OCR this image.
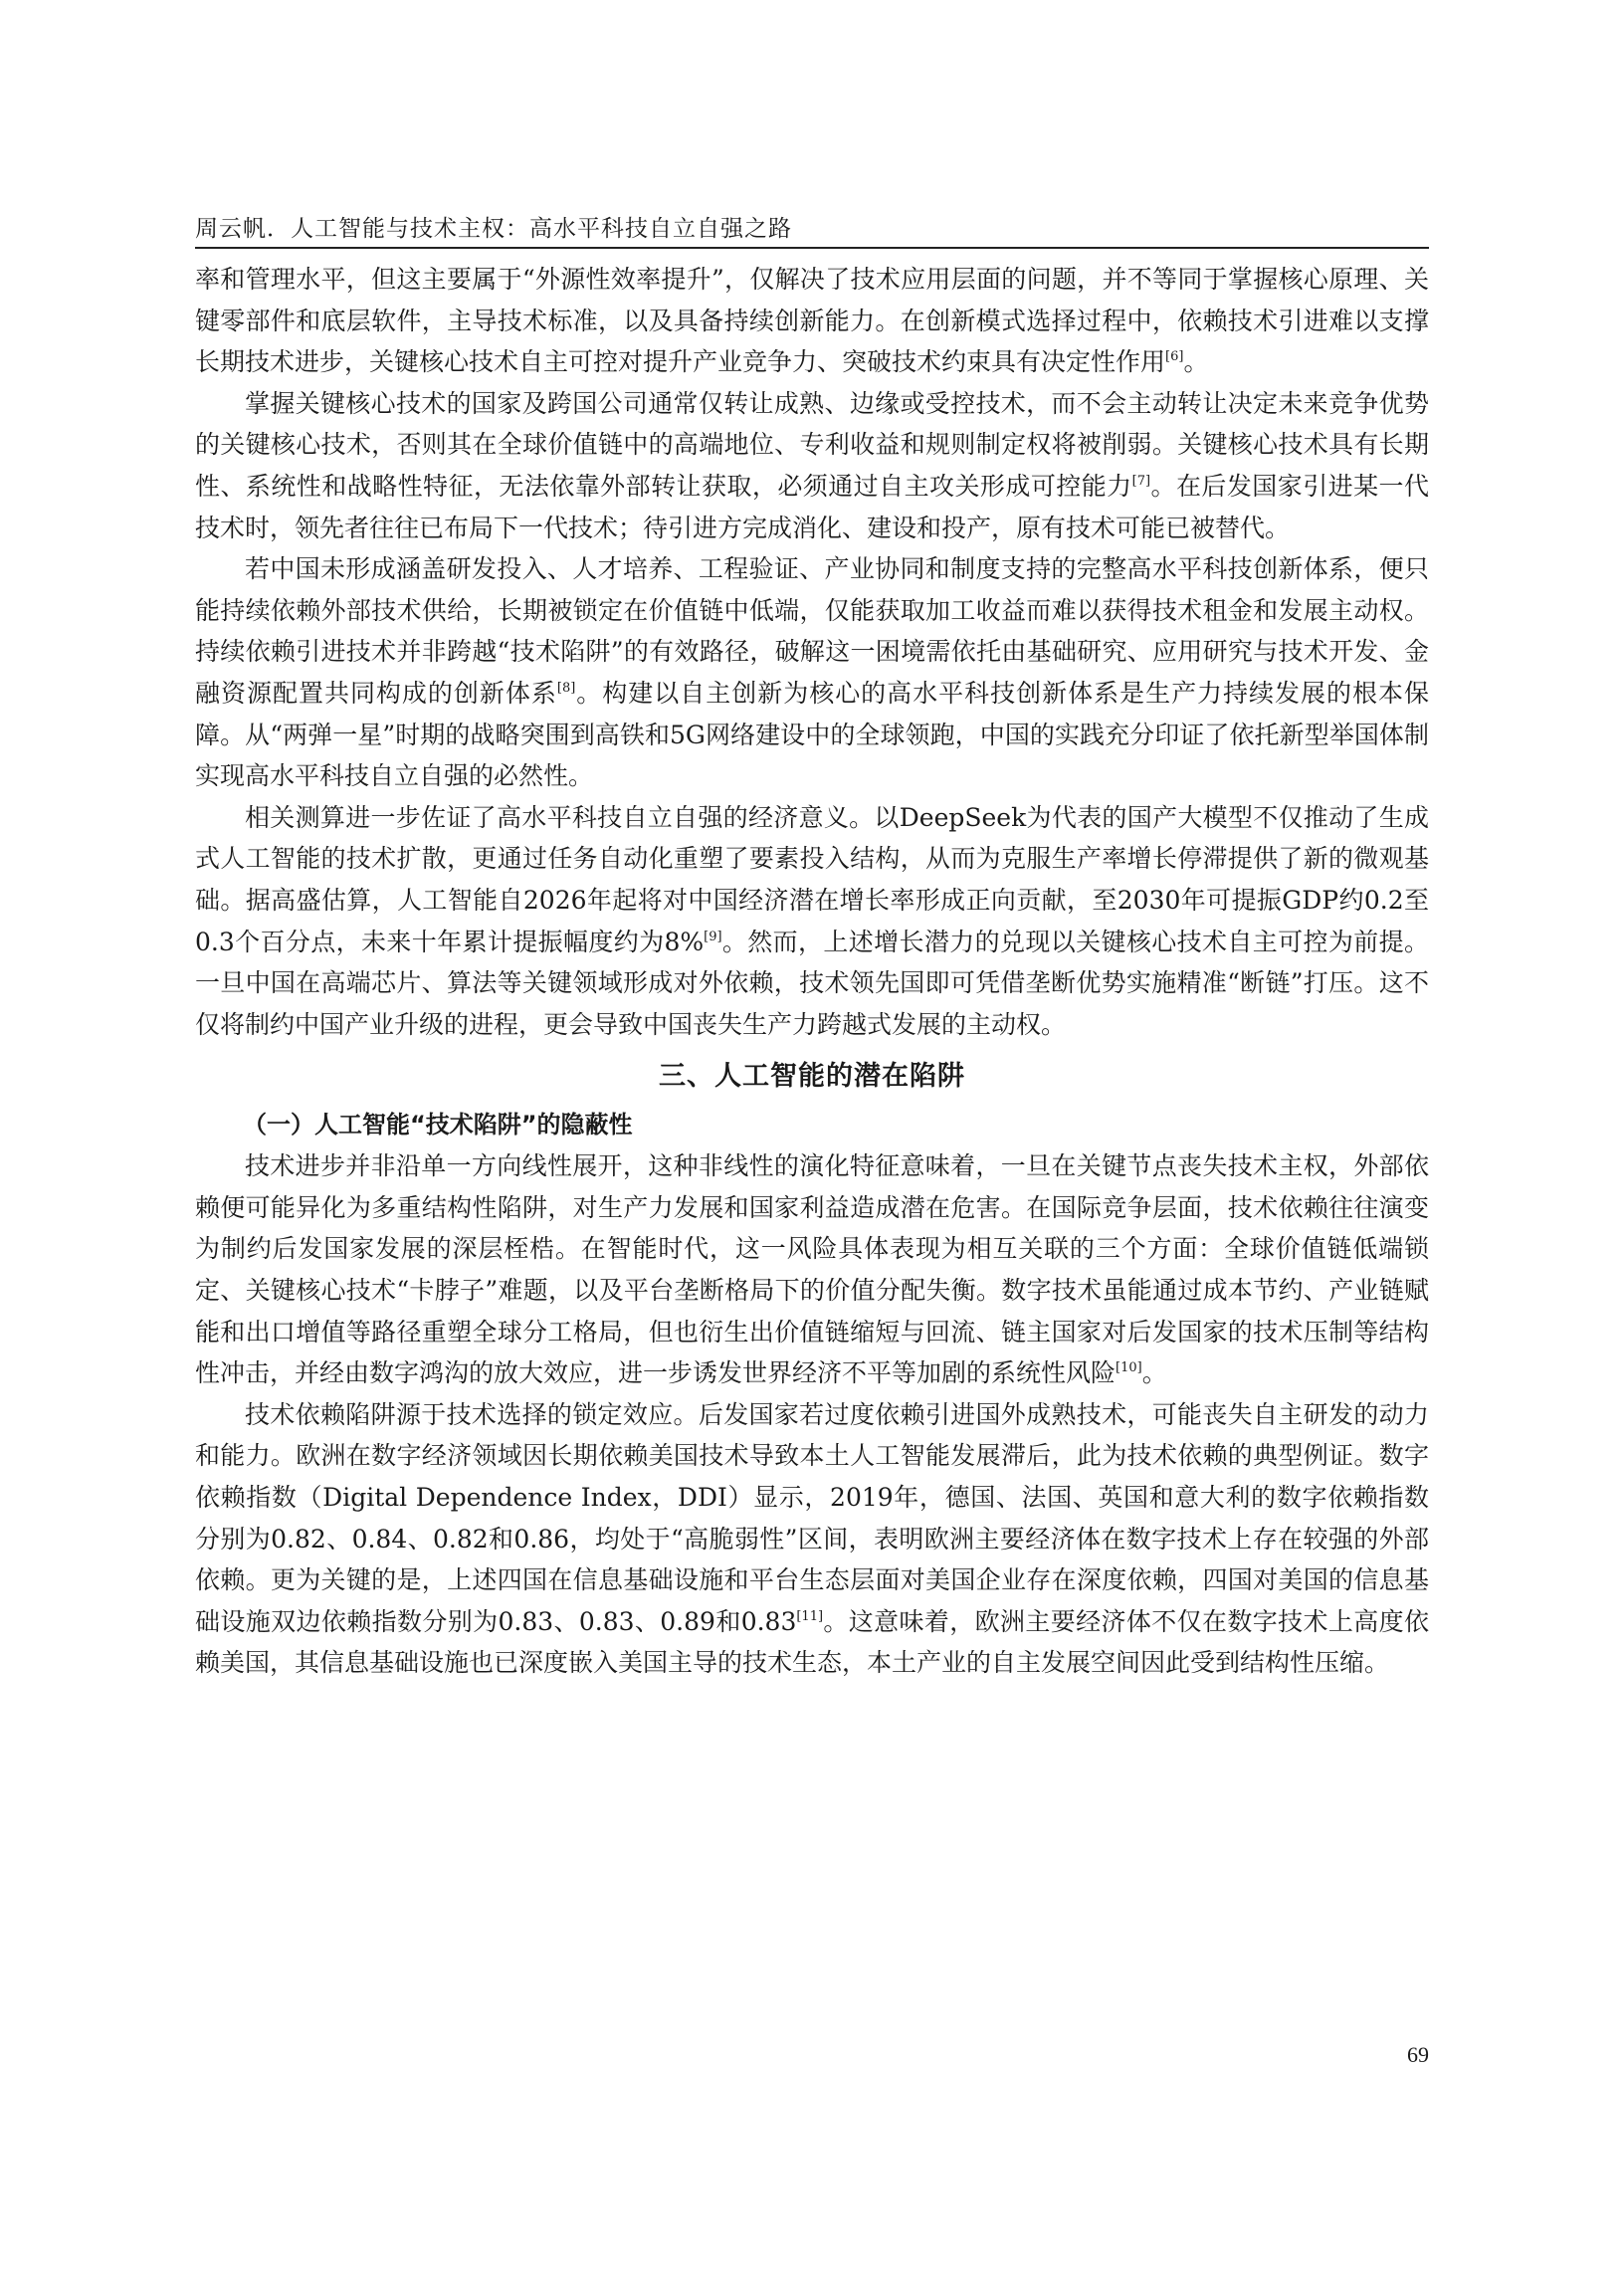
周云帆．人工智能与技术主权：高水平科技自立自强之路

率和管理水平，但这主要属于“外源性效率提升”，仅解决了技术应用层面的问题，并不等同于掌握核心原理、关键零部件和底层软件，主导技术标准，以及具备持续创新能力。在创新模式选择过程中，依赖技术引进难以支撑长期技术进步，关键核心技术自主可控对提升产业竞争力、突破技术约束具有决定性作用[6]。

掌握关键核心技术的国家及跨国公司通常仅转让成熟、边缘或受控技术，而不会主动转让决定未来竞争优势的关键核心技术，否则其在全球价值链中的高端地位、专利收益和规则制定权将被削弱。关键核心技术具有长期性、系统性和战略性特征，无法依靠外部转让获取，必须通过自主攻关形成可控能力[7]。在后发国家引进某一代技术时，领先者往往已布局下一代技术；待引进方完成消化、建设和投产，原有技术可能已被替代。

若中国未形成涵盖研发投入、人才培养、工程验证、产业协同和制度支持的完整高水平科技创新体系，便只能持续依赖外部技术供给，长期被锁定在价值链中低端，仅能获取加工收益而难以获得技术租金和发展主动权。持续依赖引进技术并非跨越“技术陷阱”的有效路径，破解这一困境需依托由基础研究、应用研究与技术开发、金融资源配置共同构成的创新体系[8]。构建以自主创新为核心的高水平科技创新体系是生产力持续发展的根本保障。从“两弹一星”时期的战略突围到高铁和5G网络建设中的全球领跑，中国的实践充分印证了依托新型举国体制实现高水平科技自立自强的必然性。

相关测算进一步佐证了高水平科技自立自强的经济意义。以DeepSeek为代表的国产大模型不仅推动了生成式人工智能的技术扩散，更通过任务自动化重塑了要素投入结构，从而为克服生产率增长停滞提供了新的微观基础。据高盛估算，人工智能自2026年起将对中国经济潜在增长率形成正向贡献，至2030年可提振GDP约0.2至0.3个百分点，未来十年累计提振幅度约为8%[9]。然而，上述增长潜力的兑现以关键核心技术自主可控为前提。一旦中国在高端芯片、算法等关键领域形成对外依赖，技术领先国即可凭借垄断优势实施精准“断链”打压。这不仅将制约中国产业升级的进程，更会导致中国丧失生产力跨越式发展的主动权。

三、人工智能的潜在陷阱
（一）人工智能“技术陷阱”的隐蔽性

技术进步并非沿单一方向线性展开，这种非线性的演化特征意味着，一旦在关键节点丧失技术主权，外部依赖便可能异化为多重结构性陷阱，对生产力发展和国家利益造成潜在危害。在国际竞争层面，技术依赖往往演变为制约后发国家发展的深层桎梏。在智能时代，这一风险具体表现为相互关联的三个方面：全球价值链低端锁定、关键核心技术“卡脖子”难题，以及平台垄断格局下的价值分配失衡。数字技术虽能通过成本节约、产业链赋能和出口增值等路径重塑全球分工格局，但也衍生出价值链缩短与回流、链主国家对后发国家的技术压制等结构性冲击，并经由数字鸿沟的放大效应，进一步诱发世界经济不平等加剧的系统性风险[10]。

技术依赖陷阱源于技术选择的锁定效应。后发国家若过度依赖引进国外成熟技术，可能丧失自主研发的动力和能力。欧洲在数字经济领域因长期依赖美国技术导致本土人工智能发展滞后，此为技术依赖的典型例证。数字依赖指数（Digital Dependence Index，DDI）显示，2019年，德国、法国、英国和意大利的数字依赖指数分别为0.82、0.84、0.82和0.86，均处于“高脆弱性”区间，表明欧洲主要经济体在数字技术上存在较强的外部依赖。更为关键的是，上述四国在信息基础设施和平台生态层面对美国企业存在深度依赖，四国对美国的信息基础设施双边依赖指数分别为0.83、0.83、0.89和0.83[11]。这意味着，欧洲主要经济体不仅在数字技术上高度依赖美国，其信息基础设施也已深度嵌入美国主导的技术生态，本土产业的自主发展空间因此受到结构性压缩。

69
